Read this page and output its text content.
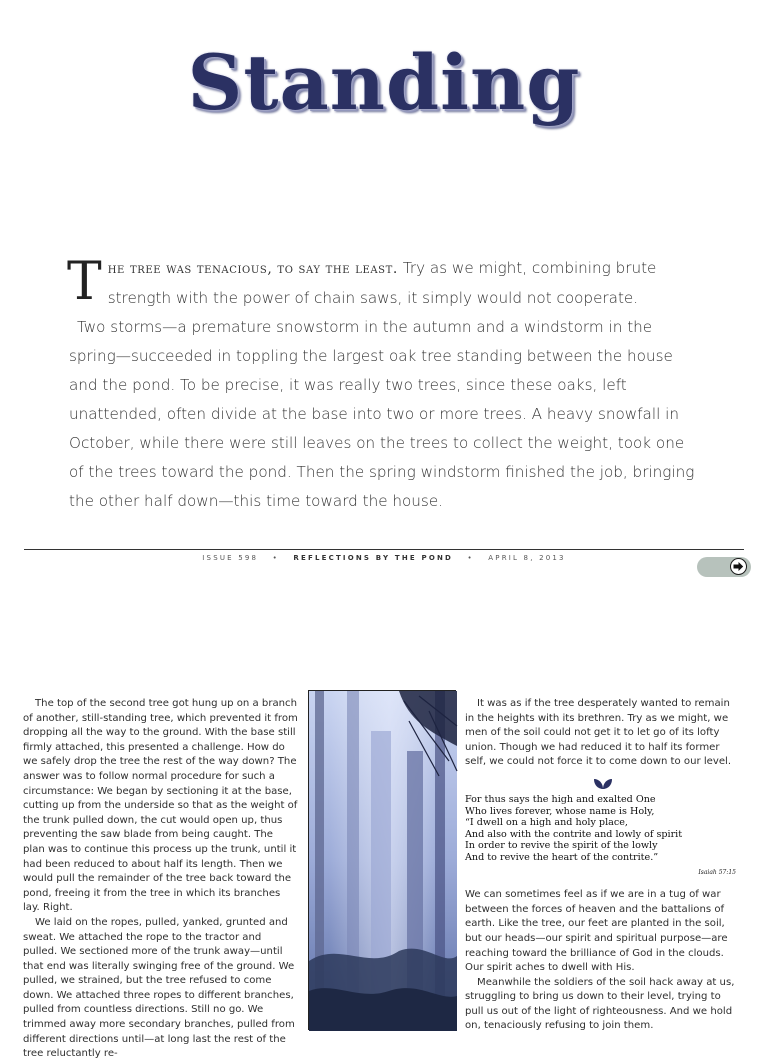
Standing

The tree was tenacious, to say the least. Try as we might, combining brute strength with the power of chain saws, it simply would not cooperate.

Two storms—a premature snowstorm in the autumn and a windstorm in the spring—succeeded in toppling the largest oak tree standing between the house and the pond. To be precise, it was really two trees, since these oaks, left unattended, often divide at the base into two or more trees. A heavy snowfall in October, while there were still leaves on the trees to collect the weight, took one of the trees toward the pond. Then the spring windstorm finished the job, bringing the other half down—this time toward the house.

ISSUE 598 • REFLECTIONS BY THE POND • APRIL 8, 2013

The top of the second tree got hung up on a branch of another, still-standing tree, which prevented it from dropping all the way to the ground. With the base still firmly attached, this presented a challenge. How do we safely drop the tree the rest of the way down? The answer was to follow normal procedure for such a circumstance: We began by sectioning it at the base, cutting up from the underside so that as the weight of the trunk pulled down, the cut would open up, thus preventing the saw blade from being caught. The plan was to continue this process up the trunk, until it had been reduced to about half its length. Then we would pull the remainder of the tree back toward the pond, freeing it from the tree in which its branches lay. Right.

We laid on the ropes, pulled, yanked, grunted and sweat. We attached the rope to the tractor and pulled. We sectioned more of the trunk away—until that end was literally swinging free of the ground. We pulled, we strained, but the tree refused to come down. We attached three ropes to different branches, pulled from countless directions. Still no go. We trimmed away more secondary branches, pulled from different directions until—at long last the rest of the tree reluctantly re-

It was as if the tree desperately wanted to remain in the heights with its brethren. Try as we might, we men of the soil could not get it to let go of its lofty union. Though we had reduced it to half its former self, we could not force it to come down to our level.

For thus says the high and exalted One
Who lives forever, whose name is Holy,
“I dwell on a high and holy place,
And also with the contrite and lowly of spirit
In order to revive the spirit of the lowly
And to revive the heart of the contrite.”
Isaiah 57:15

We can sometimes feel as if we are in a tug of war between the forces of heaven and the battalions of earth. Like the tree, our feet are planted in the soil, but our heads—our spirit and spiritual purpose—are reaching toward the brilliance of God in the clouds. Our spirit aches to dwell with His.

Meanwhile the soldiers of the soil hack away at us, struggling to bring us down to their level, trying to pull us out of the light of righteousness. And we hold on, tenaciously refusing to join them.
